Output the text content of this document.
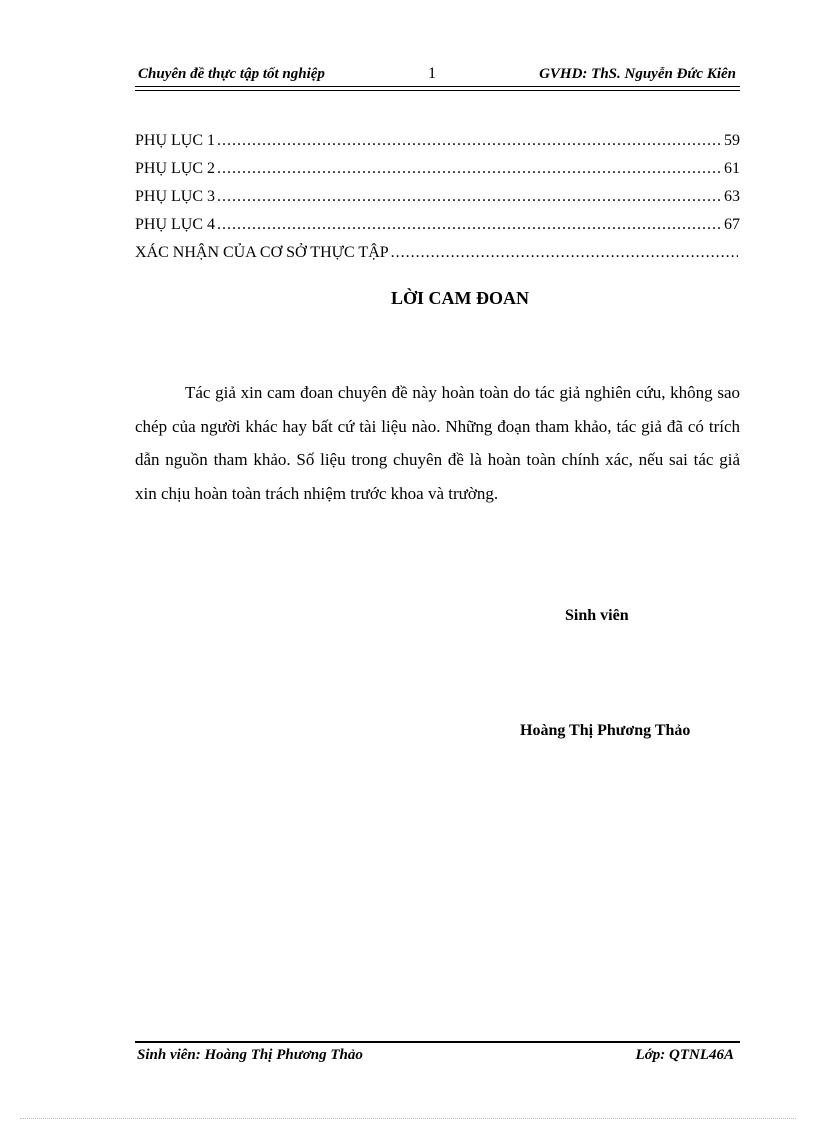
Chuyên đề thực tập tốt nghiệp	1	GVHD: ThS. Nguyễn Đức Kiên
PHỤ LỤC 1 .....	59
PHỤ LỤC 2 .....	61
PHỤ LỤC 3 .....	63
PHỤ LỤC 4 .....	67
XÁC NHẬN CỦA CƠ SỞ THỰC TẬP
.....
LỜI CAM ĐOAN

Tác giả xin cam đoan chuyên đề này hoàn toàn do tác giả nghiên cứu, không sao chép của người khác hay bất cứ tài liệu nào. Những đoạn tham khảo, tác giả đã có trích dẫn nguồn tham khảo. Số liệu trong chuyên đề là hoàn toàn chính xác, nếu sai tác giả xin chịu hoàn toàn trách nhiệm trước khoa và trường.

Sinh viên
Hoàng Thị Phương Thảo
Sinh viên: Hoàng Thị Phương Thảo	Lớp: QTNL46A
